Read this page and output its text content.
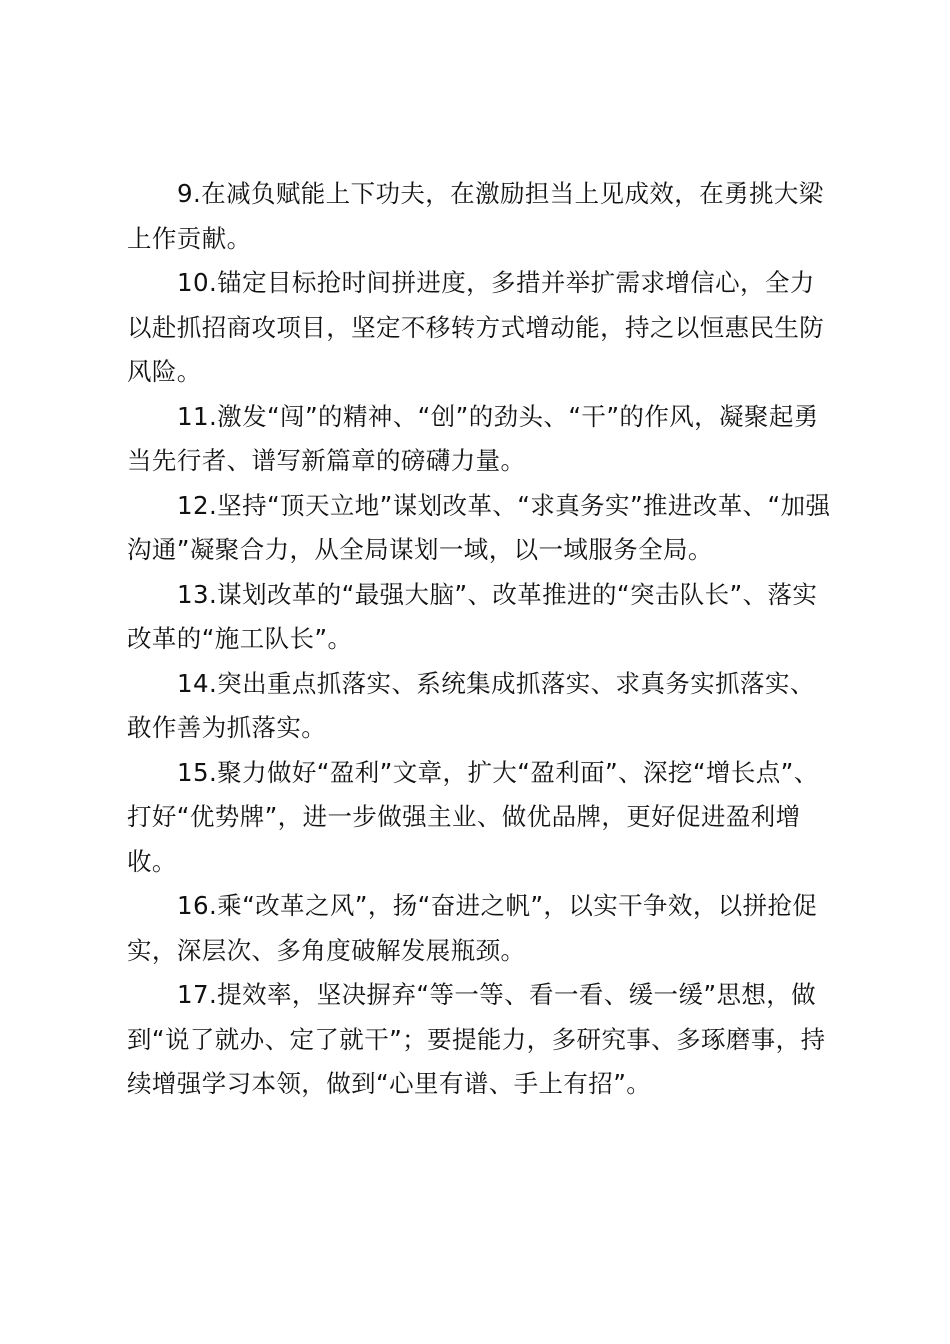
9.在减负赋能上下功夫，在激励担当上见成效，在勇挑大梁上作贡献。

10.锚定目标抢时间拼进度，多措并举扩需求增信心，全力以赴抓招商攻项目，坚定不移转方式增动能，持之以恒惠民生防风险。

11.激发“闯”的精神、“创”的劲头、“干”的作风，凝聚起勇当先行者、谱写新篇章的磅礴力量。

12.坚持“顶天立地”谋划改革、“求真务实”推进改革、“加强沟通”凝聚合力，从全局谋划一域，以一域服务全局。

13.谋划改革的“最强大脑”、改革推进的“突击队长”、落实改革的“施工队长”。

14.突出重点抓落实、系统集成抓落实、求真务实抓落实、敢作善为抓落实。

15.聚力做好“盈利”文章，扩大“盈利面”、深挖“增长点”、打好“优势牌”，进一步做强主业、做优品牌，更好促进盈利增收。

16.乘“改革之风”，扬“奋进之帆”，以实干争效，以拼抢促实，深层次、多角度破解发展瓶颈。

17.提效率，坚决摒弃“等一等、看一看、缓一缓”思想，做到“说了就办、定了就干”；要提能力，多研究事、多琢磨事，持续增强学习本领，做到“心里有谱、手上有招”。
